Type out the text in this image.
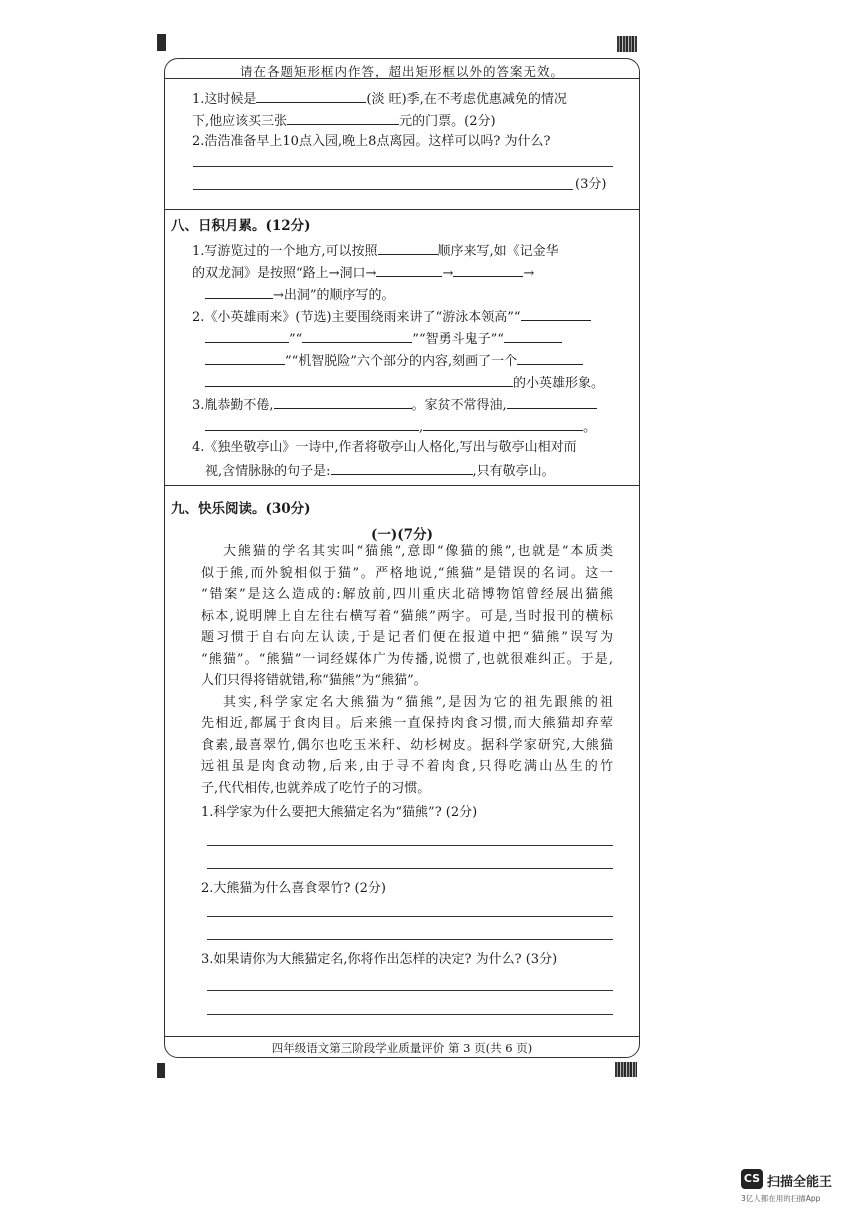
请在各题矩形框内作答，超出矩形框以外的答案无效。
1.这时候是	(淡 旺)季,在不考虑优惠减免的情况
下,他应该买三张	元的门票。(2分)
2.浩浩准备早上10点入园,晚上8点离园。这样可以吗? 为什么?
(3分)
八、日积月累。(12分)
1.写游览过的一个地方,可以按照	顺序来写,如《记金华
的双龙洞》是按照“路上→洞口→	→	→
→出洞”的顺序写的。
2.《小英雄雨来》(节选)主要围绕雨来讲了“游泳本领高”“
”“	”“智勇斗鬼子”“
”“机智脱险”六个部分的内容,刻画了一个
的小英雄形象。
3.胤恭勤不倦,	。家贫不常得油,
,	。
4.《独坐敬亭山》一诗中,作者将敬亭山人格化,写出与敬亭山相对而
视,含情脉脉的句子是:	,只有敬亭山。
九、快乐阅读。(30分)
(一)(7分)
大熊猫的学名其实叫“猫熊”,意即“像猫的熊”,也就是“本质类
似于熊,而外貌相似于猫”。严格地说,“熊猫”是错误的名词。这一
“错案”是这么造成的:解放前,四川重庆北碚博物馆曾经展出猫熊
标本,说明牌上自左往右横写着“猫熊”两字。可是,当时报刊的横标
题习惯于自右向左认读,于是记者们便在报道中把“猫熊”误写为
“熊猫”。“熊猫”一词经媒体广为传播,说惯了,也就很难纠正。于是,
人们只得将错就错,称“猫熊”为“熊猫”。
其实,科学家定名大熊猫为“猫熊”,是因为它的祖先跟熊的祖
先相近,都属于食肉目。后来熊一直保持肉食习惯,而大熊猫却弃荤
食素,最喜翠竹,偶尔也吃玉米秆、幼杉树皮。据科学家研究,大熊猫
远祖虽是肉食动物,后来,由于寻不着肉食,只得吃满山丛生的竹
子,代代相传,也就养成了吃竹子的习惯。
1.科学家为什么要把大熊猫定名为“猫熊”? (2分)
2.大熊猫为什么喜食翠竹? (2分)
3.如果请你为大熊猫定名,你将作出怎样的决定? 为什么? (3分)
四年级语文第三阶段学业质量评价 第 3 页(共 6 页)
CS 扫描全能王
3亿人都在用的扫描App
